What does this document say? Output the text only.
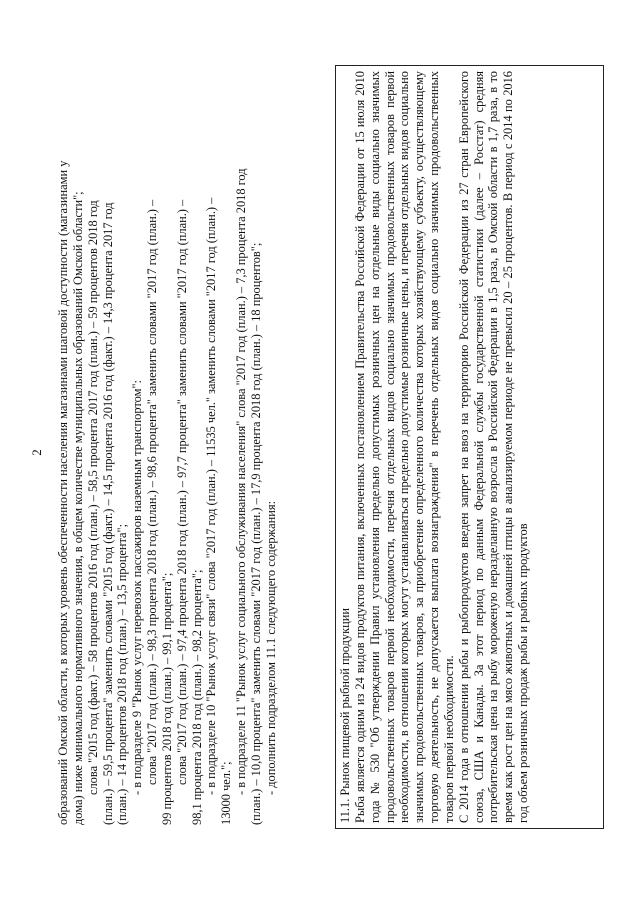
2 образований Омской области, в которых уровень обеспеченности населения магазинами шаговой доступности (магазинами у дома) ниже минимального нормативного значения, в общем количестве муниципальных образований Омской области"; слова "2015 год (факт.) – 58 процентов 2016 год (план.) – 58,5 процента 2017 год (план.) – 59 процентов 2018 год (план.) – 59,5 процента" заменить словами "2015 год (факт.) – 14,5 процента 2016 год (факт.) – 14,3 процента 2017 год (план.) – 14 процентов 2018 год (план.) – 13,5 процента"; - в подразделе 9 "Рынок услуг перевозок пассажиров наземным транспортом": слова "2017 год (план.) – 98,3 процента 2018 год (план.) – 98,6 процента" заменить словами "2017 год (план.) – 99 процентов 2018 год (план.) – 99,1 процента"; слова "2017 год (план.) – 97,4 процента 2018 год (план.) – 97,7 процента" заменить словами "2017 год (план.) – 98,1 процента 2018 год (план.) – 98,2 процента"; - в подразделе 10 "Рынок услуг связи" слова "2017 год (план.) – 11535 чел." заменить словами "2017 год (план.) – 13000 чел."; - в подразделе 11 "Рынок услуг социального обслуживания населения" слова "2017 год (план.) – 7,3 процента 2018 год (план.) – 10,0 процента" заменить словами "2017 год (план.) – 17,9 процента 2018 год (план.) – 18 процентов"; - дополнить подразделом 11.1 следующего содержания:	11.1. Рынок пищевой рыбной продукции Рыба является одним из 24 видов продуктов питания, включенных постановлением Правительства Российской Федерации от 15 июля 2010 года № 530 "Об утверждении Правил установления предельно допустимых розничных цен на отдельные виды социально значимых продовольственных товаров первой необходимости, перечня отдельных видов социально значимых продовольственных товаров первой необходимости, в отношении которых могут устанавливаться предельно допустимые розничные цены, и перечня отдельных видов социально значимых продовольственных товаров, за приобретение определенного количества которых хозяйствующему субъекту, осуществляющему торговую деятельность, не допускается выплата вознаграждения" в перечень отдельных видов социально значимых продовольственных товаров первой необходимости. С 2014 года в отношении рыбы и рыбопродуктов введен запрет на ввоз на территорию Российской Федерации из 27 стран Европейского союза, США и Канады. За этот период по данным Федеральной службы государственной статистики (далее – Росстат) средняя потребительская цена на рыбу мороженую неразделанную возросла в Российской Федерации в 1,5 раза, в Омской области в 1,7 раза, в то время как рост цен на мясо животных и домашней птицы в анализируемом периоде не превысил 20 – 25 процентов. В период с 2014 по 2016 год объем розничных продаж рыбы и рыбных продуктов
